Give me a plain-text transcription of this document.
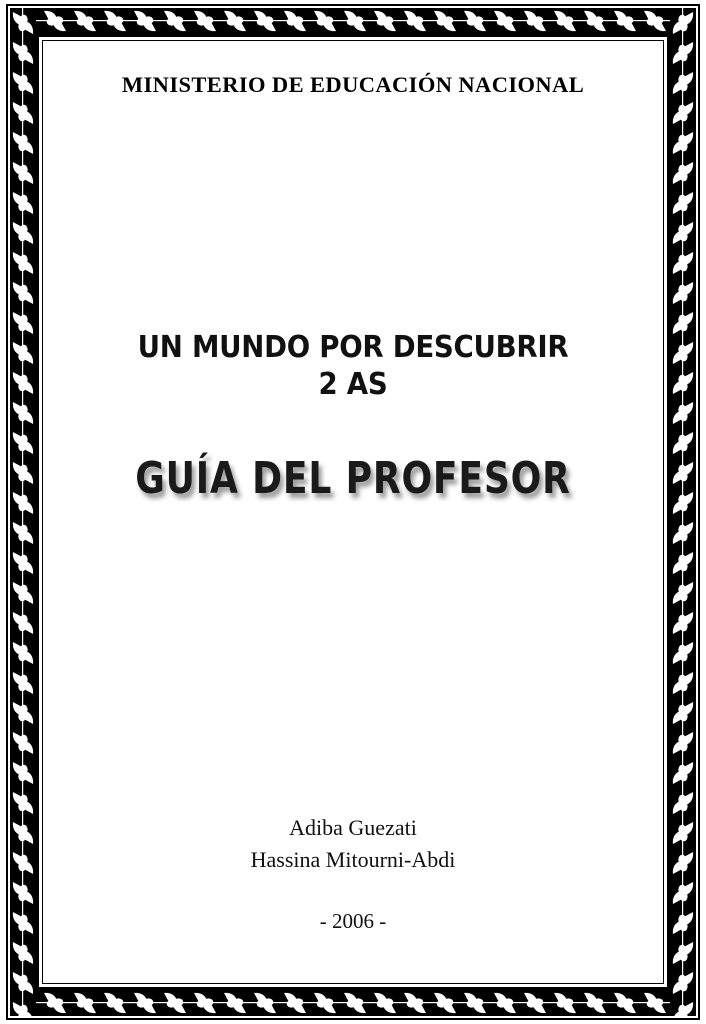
MINISTERIO DE EDUCACIÓN NACIONAL
UN MUNDO POR DESCUBRIR
2 AS
GUÍA DEL PROFESOR
Adiba Guezati
Hassina Mitourni-Abdi
- 2006 -
